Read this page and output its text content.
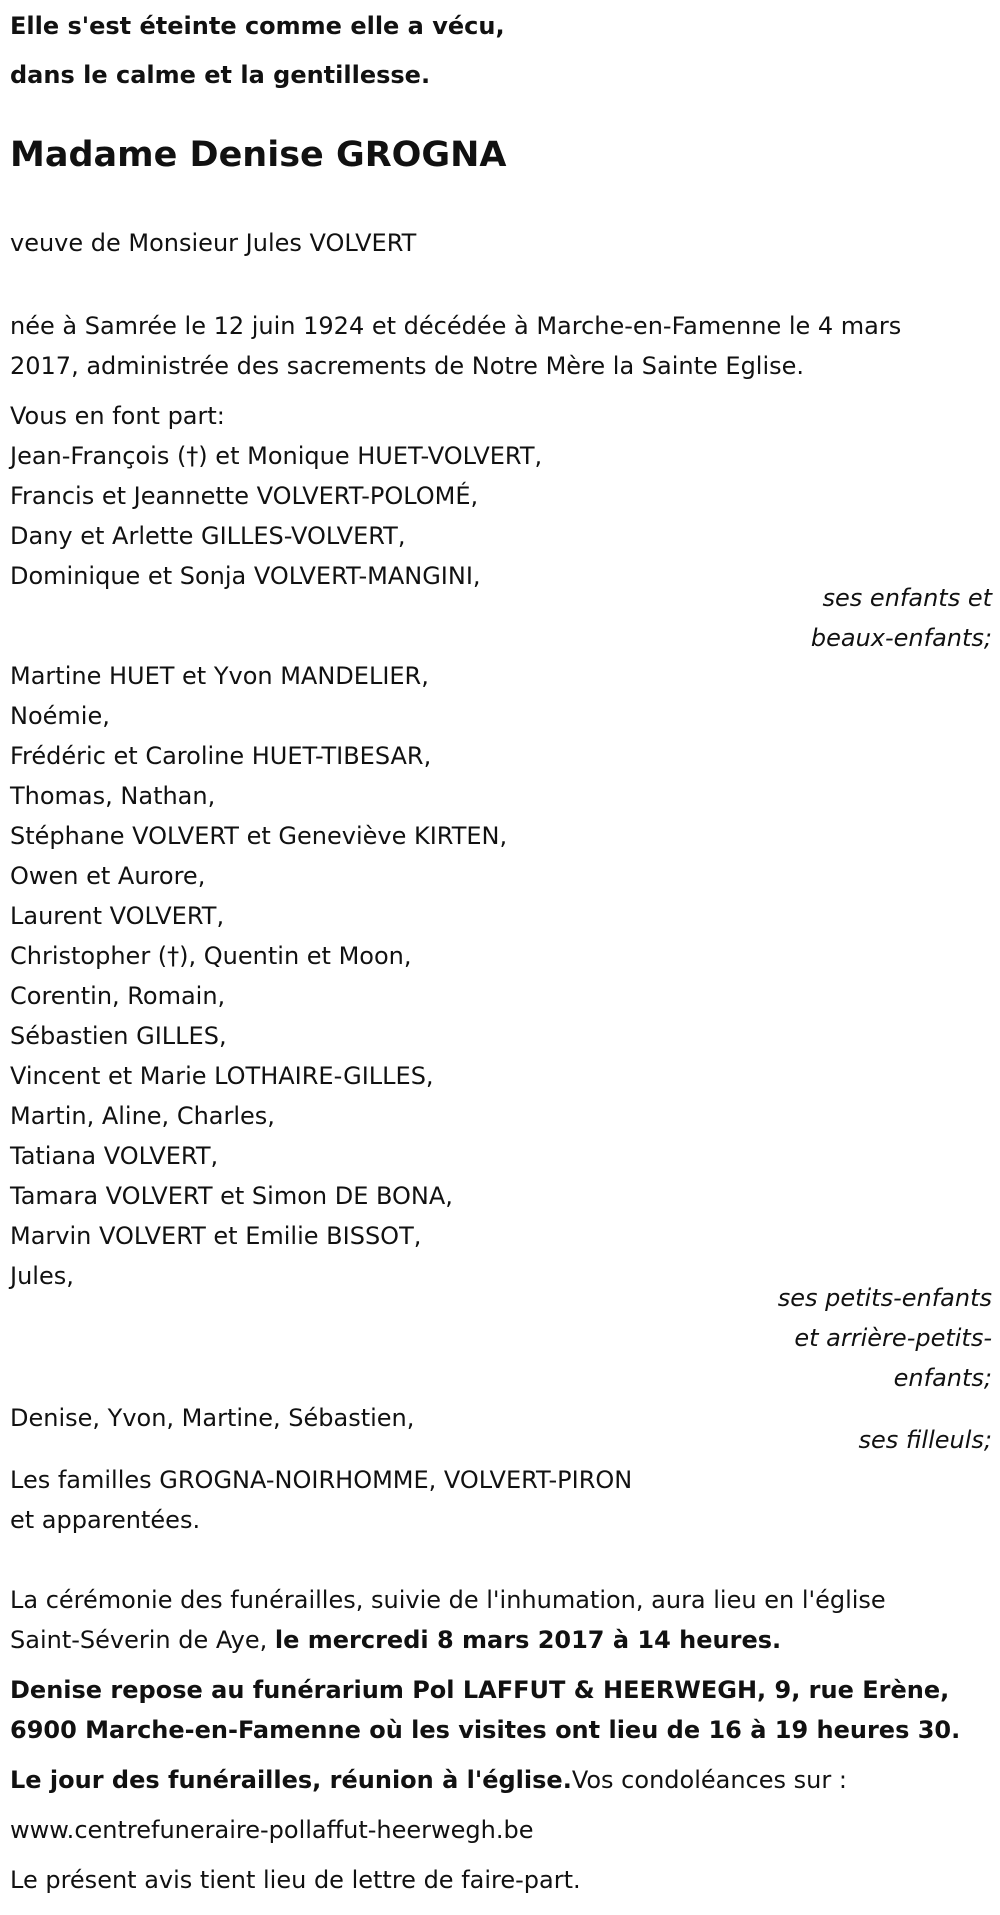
Elle s'est éteinte comme elle a vécu,
dans le calme et la gentillesse.
Madame Denise GROGNA
veuve de Monsieur Jules VOLVERT
née à Samrée le 12 juin 1924 et décédée à Marche-en-Famenne le 4 mars
2017, administrée des sacrements de Notre Mère la Sainte Eglise.
Vous en font part:
Jean-François (†) et Monique HUET-VOLVERT,
Francis et Jeannette VOLVERT-POLOMÉ,
Dany et Arlette GILLES-VOLVERT,
Dominique et Sonja VOLVERT-MANGINI,
ses enfants et
beaux-enfants;
Martine HUET et Yvon MANDELIER,
Noémie,
Frédéric et Caroline HUET-TIBESAR,
Thomas, Nathan,
Stéphane VOLVERT et Geneviève KIRTEN,
Owen et Aurore,
Laurent VOLVERT,
Christopher (†), Quentin et Moon,
Corentin, Romain,
Sébastien GILLES,
Vincent et Marie LOTHAIRE-GILLES,
Martin, Aline, Charles,
Tatiana VOLVERT,
Tamara VOLVERT et Simon DE BONA,
Marvin VOLVERT et Emilie BISSOT,
Jules,
ses petits-enfants
et arrière-petits-
enfants;
Denise, Yvon, Martine, Sébastien,
ses filleuls;
Les familles GROGNA-NOIRHOMME, VOLVERT-PIRON
et apparentées.
La cérémonie des funérailles, suivie de l'inhumation, aura lieu en l'église
Saint-Séverin de Aye, le mercredi 8 mars 2017 à 14 heures.
Denise repose au funérarium Pol LAFFUT & HEERWEGH, 9, rue Erène,
6900 Marche-en-Famenne où les visites ont lieu de 16 à 19 heures 30.
Le jour des funérailles, réunion à l'église.Vos condoléances sur :
www.centrefuneraire-pollaffut-heerwegh.be
Le présent avis tient lieu de lettre de faire-part.
